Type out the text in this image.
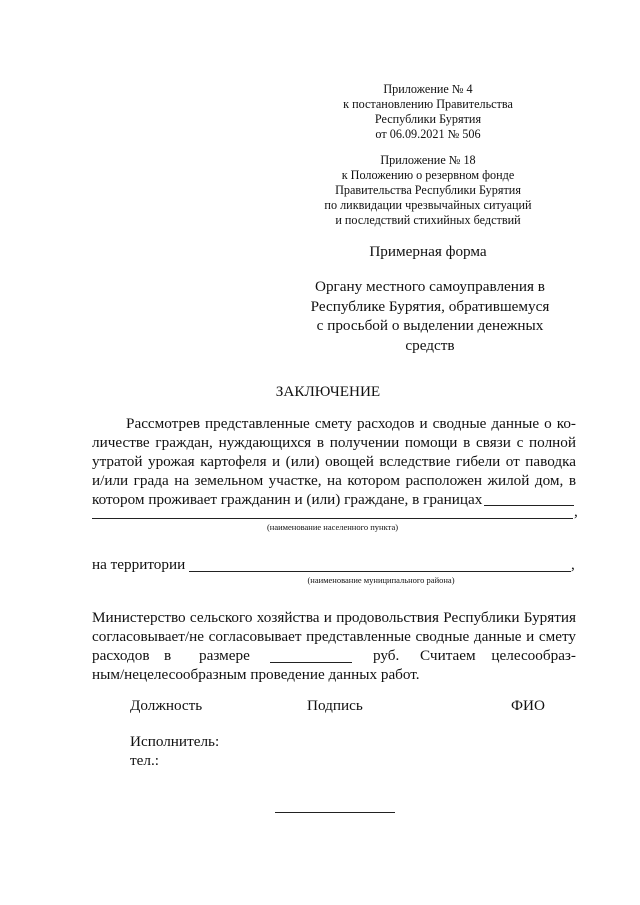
Приложение № 4
к постановлению Правительства
Республики Бурятия
от 06.09.2021 № 506
Приложение № 18
к Положению о резервном фонде
Правительства Республики Бурятия
по ликвидации чрезвычайных ситуаций
и последствий стихийных бедствий
Примерная форма
Органу местного самоуправления в
Республике Бурятия, обратившемуся
с просьбой о выделении денежных
средств
ЗАКЛЮЧЕНИЕ
Рассмотрев представленные смету расходов и сводные данные о ко-
личестве граждан, нуждающихся в получении помощи в связи с полной
утратой урожая картофеля и (или) овощей вследствие гибели от паводка
и/или града на земельном участке, на котором расположен жилой дом, в
котором проживает гражданин и (или) граждане, в границах
,
(наименование населенного пункта)
на территории	,
(наименование муниципального района)
Министерство сельского хозяйства и продовольствия Республики Бурятия
согласовывает/не согласовывает представленные сводные данные и смету
расходов в размере	руб. Считаем целесообраз-
ным/нецелесообразным проведение данных работ.
Должность	Подпись	ФИО
Исполнитель:
тел.:
